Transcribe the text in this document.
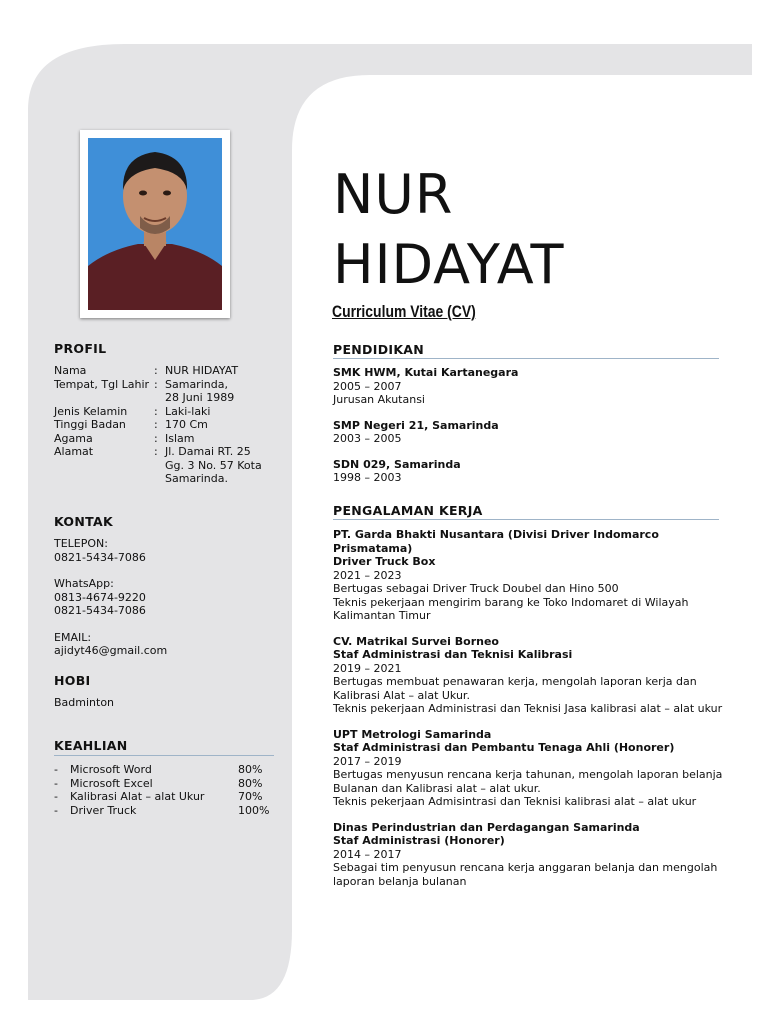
NUR
HIDAYAT
Curriculum Vitae (CV)
PROFIL
Nama	: NUR HIDAYAT
Tempat, Tgl Lahir : Samarinda,
28 Juni 1989
Jenis Kelamin	: Laki-laki
Tinggi Badan	: 170 Cm
Agama	: Islam
Alamat	: Jl. Damai RT. 25
Gg. 3 No. 57 Kota
Samarinda.
KONTAK
TELEPON:
0821-5434-7086
WhatsApp:
0813-4674-9220
0821-5434-7086
EMAIL:
ajidyt46@gmail.com
HOBI
Badminton
KEAHLIAN
-	Microsoft Word	80%
-	Microsoft Excel	80%
-	Kalibrasi Alat – alat Ukur	70%
-	Driver Truck	100%
PENDIDIKAN
SMK HWM, Kutai Kartanegara
2005 – 2007
Jurusan Akutansi
SMP Negeri 21, Samarinda
2003 – 2005
SDN 029, Samarinda
1998 – 2003
PENGALAMAN KERJA
PT. Garda Bhakti Nusantara (Divisi Driver Indomarco Prismatama)
Driver Truck Box
2021 – 2023
Bertugas sebagai Driver Truck Doubel dan Hino 500
Teknis pekerjaan mengirim barang ke Toko Indomaret di Wilayah Kalimantan Timur
CV. Matrikal Survei Borneo
Staf Administrasi dan Teknisi Kalibrasi
2019 – 2021
Bertugas membuat penawaran kerja, mengolah laporan kerja dan Kalibrasi Alat – alat Ukur.
Teknis pekerjaan Administrasi dan Teknisi Jasa kalibrasi alat – alat ukur
UPT Metrologi Samarinda
Staf Administrasi dan Pembantu Tenaga Ahli (Honorer)
2017 – 2019
Bertugas menyusun rencana kerja tahunan, mengolah laporan belanja Bulanan dan Kalibrasi alat – alat ukur.
Teknis pekerjaan Admisintrasi dan Teknisi kalibrasi alat – alat ukur
Dinas Perindustrian dan Perdagangan Samarinda
Staf Administrasi (Honorer)
2014 – 2017
Sebagai tim penyusun rencana kerja anggaran belanja dan mengolah laporan belanja bulanan
